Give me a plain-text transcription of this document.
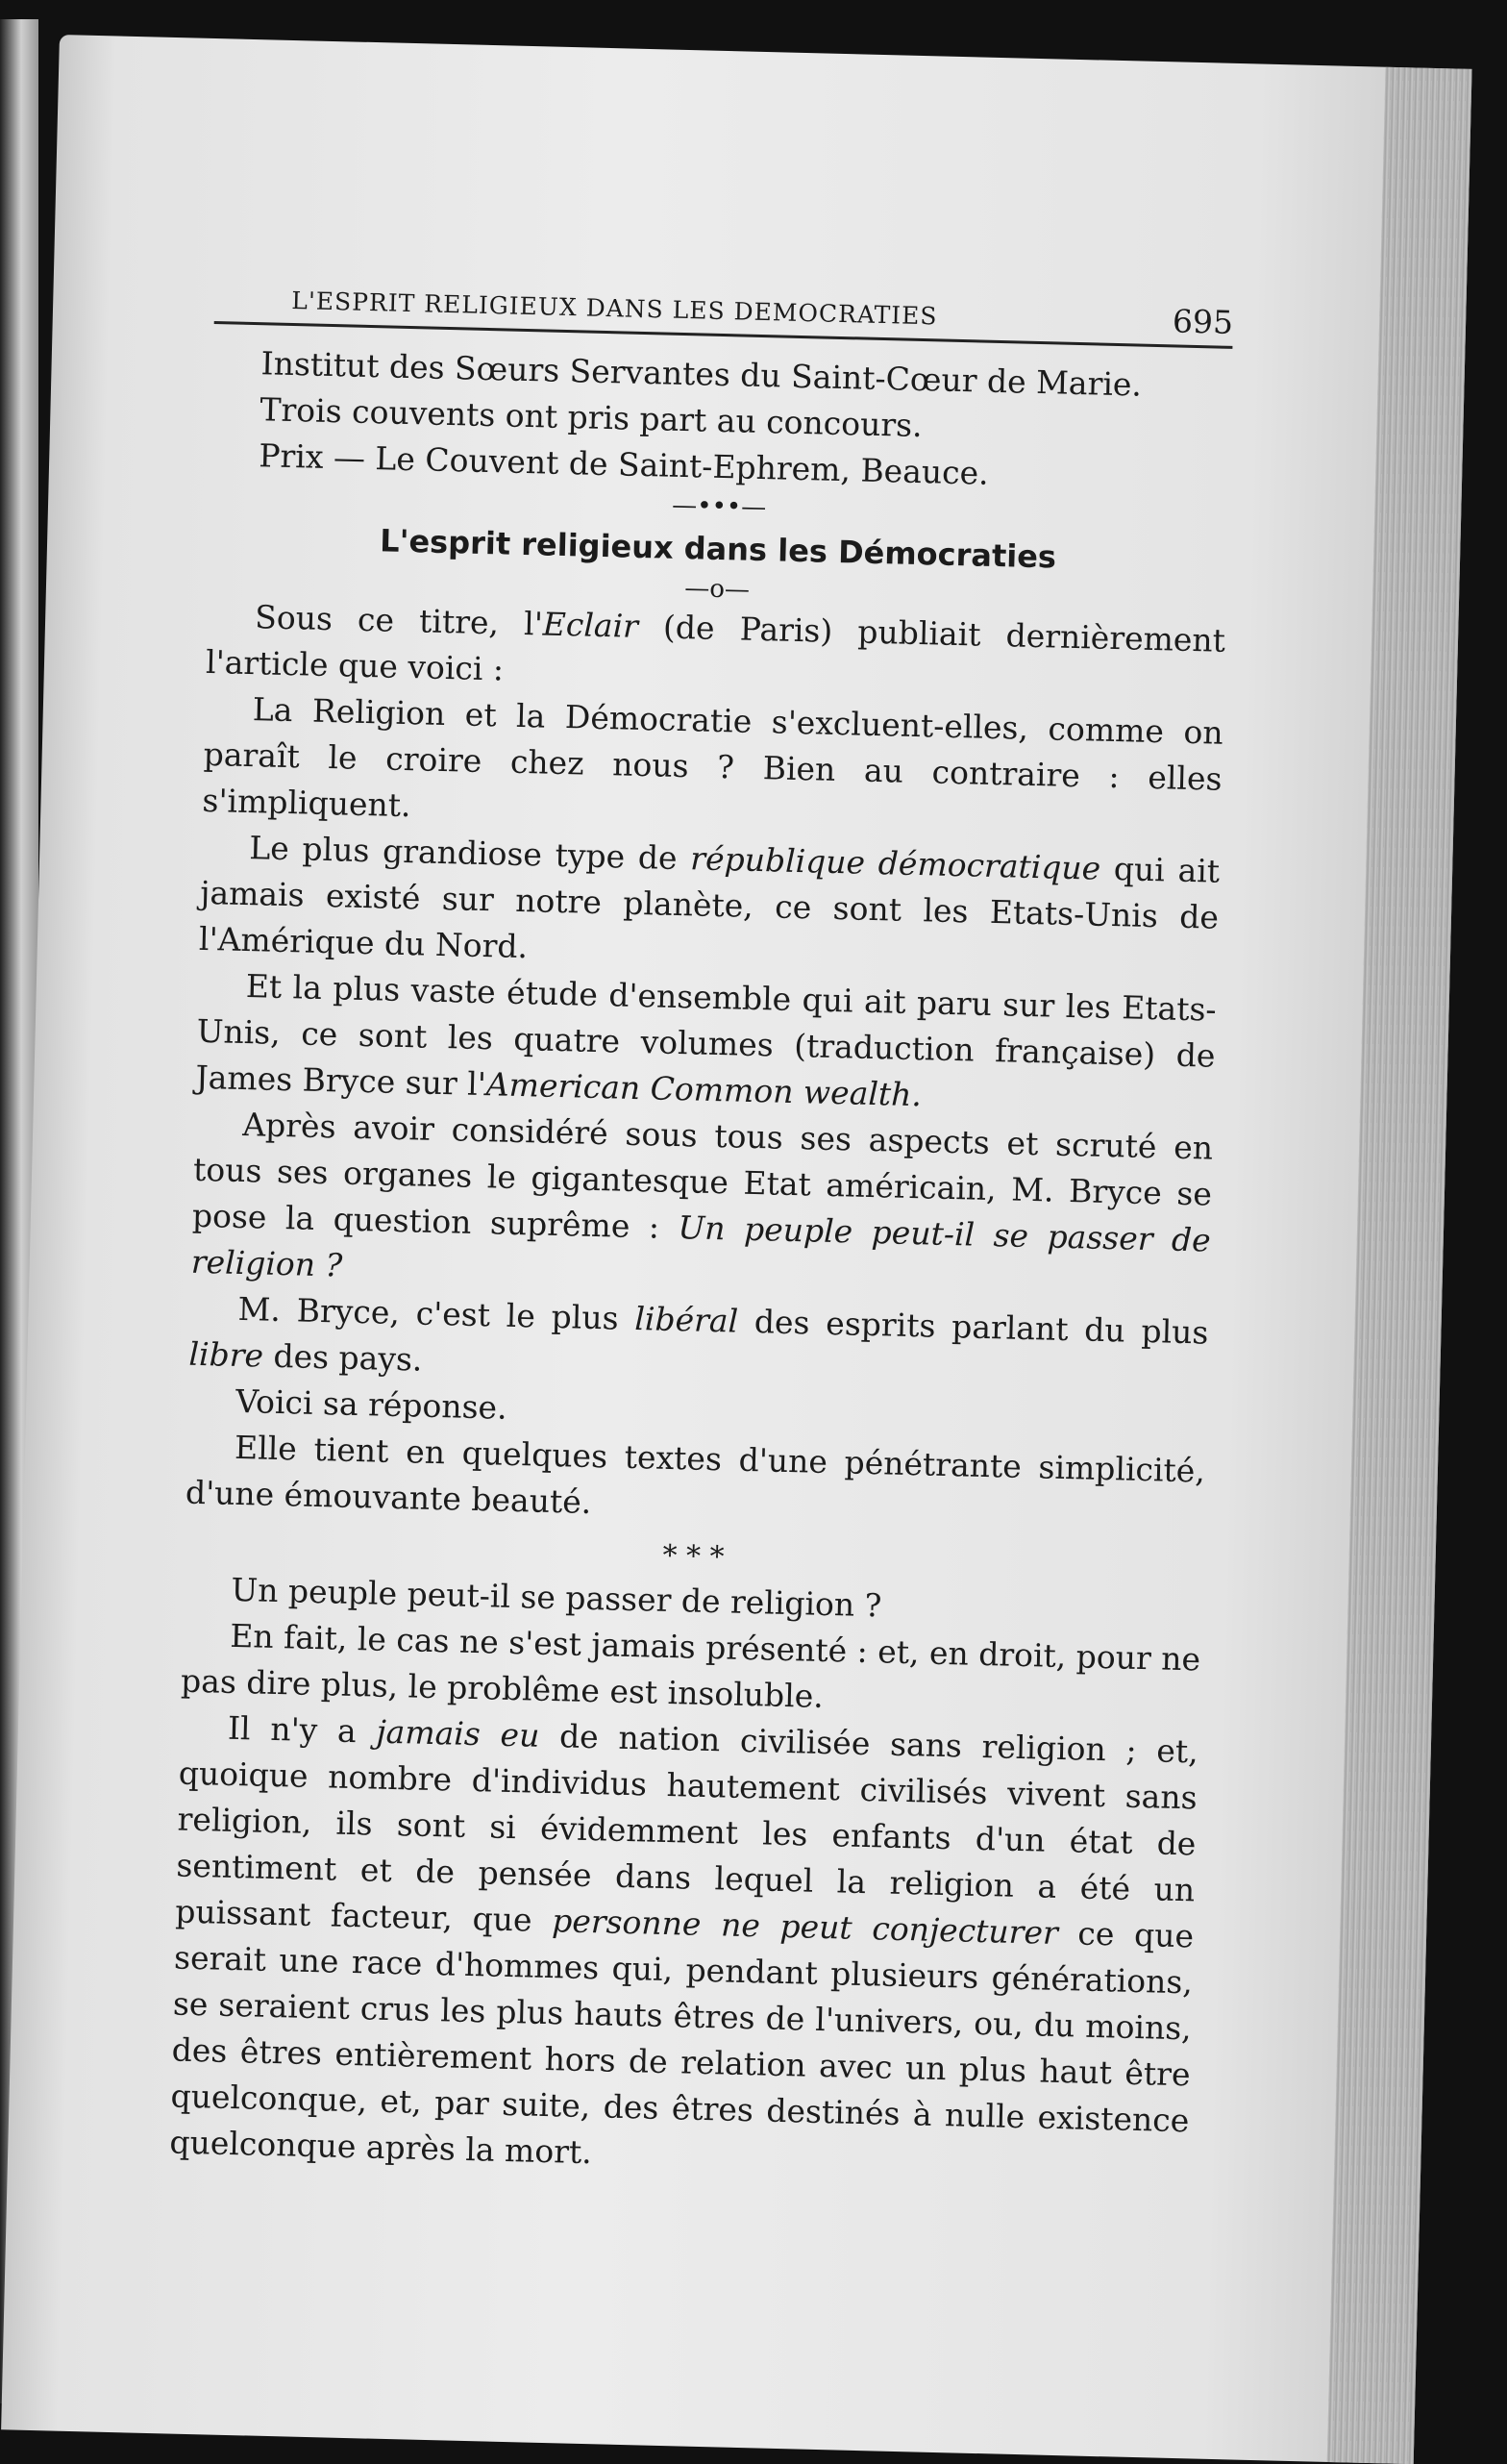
L'ESPRIT RELIGIEUX DANS LES DEMOCRATIES	695

Institut des Sœurs Servantes du Saint-Cœur de Marie.

Trois couvents ont pris part au concours.

Prix — Le Couvent de Saint-Ephrem, Beauce.

—•••—
L'esprit religieux dans les Démocraties
—o—

Sous ce titre, l'Eclair (de Paris) publiait dernièrement l'article que voici :

La Religion et la Démocratie s'excluent-elles, comme on paraît le croire chez nous ? Bien au contraire : elles s'impliquent.

Le plus grandiose type de république démocratique qui ait jamais existé sur notre planète, ce sont les Etats-Unis de l'Amérique du Nord.

Et la plus vaste étude d'ensemble qui ait paru sur les Etats-Unis, ce sont les quatre volumes (traduction française) de James Bryce sur l'American Common wealth.

Après avoir considéré sous tous ses aspects et scruté en tous ses organes le gigantesque Etat américain, M. Bryce se pose la question suprême : Un peuple peut-il se passer de religion ?

M. Bryce, c'est le plus libéral des esprits parlant du plus libre des pays.

Voici sa réponse.

Elle tient en quelques textes d'une pénétrante simplicité, d'une émouvante beauté.

* * *

Un peuple peut-il se passer de religion ?

En fait, le cas ne s'est jamais présenté : et, en droit, pour ne pas dire plus, le problême est insoluble.

Il n'y a jamais eu de nation civilisée sans religion ; et, quoique nombre d'individus hautement civilisés vivent sans religion, ils sont si évidemment les enfants d'un état de sentiment et de pensée dans lequel la religion a été un puissant facteur, que personne ne peut conjecturer ce que serait une race d'hommes qui, pendant plusieurs générations, se seraient crus les plus hauts êtres de l'univers, ou, du moins, des êtres entièrement hors de relation avec un plus haut être quelconque, et, par suite, des êtres destinés à nulle existence quelconque après la mort.
